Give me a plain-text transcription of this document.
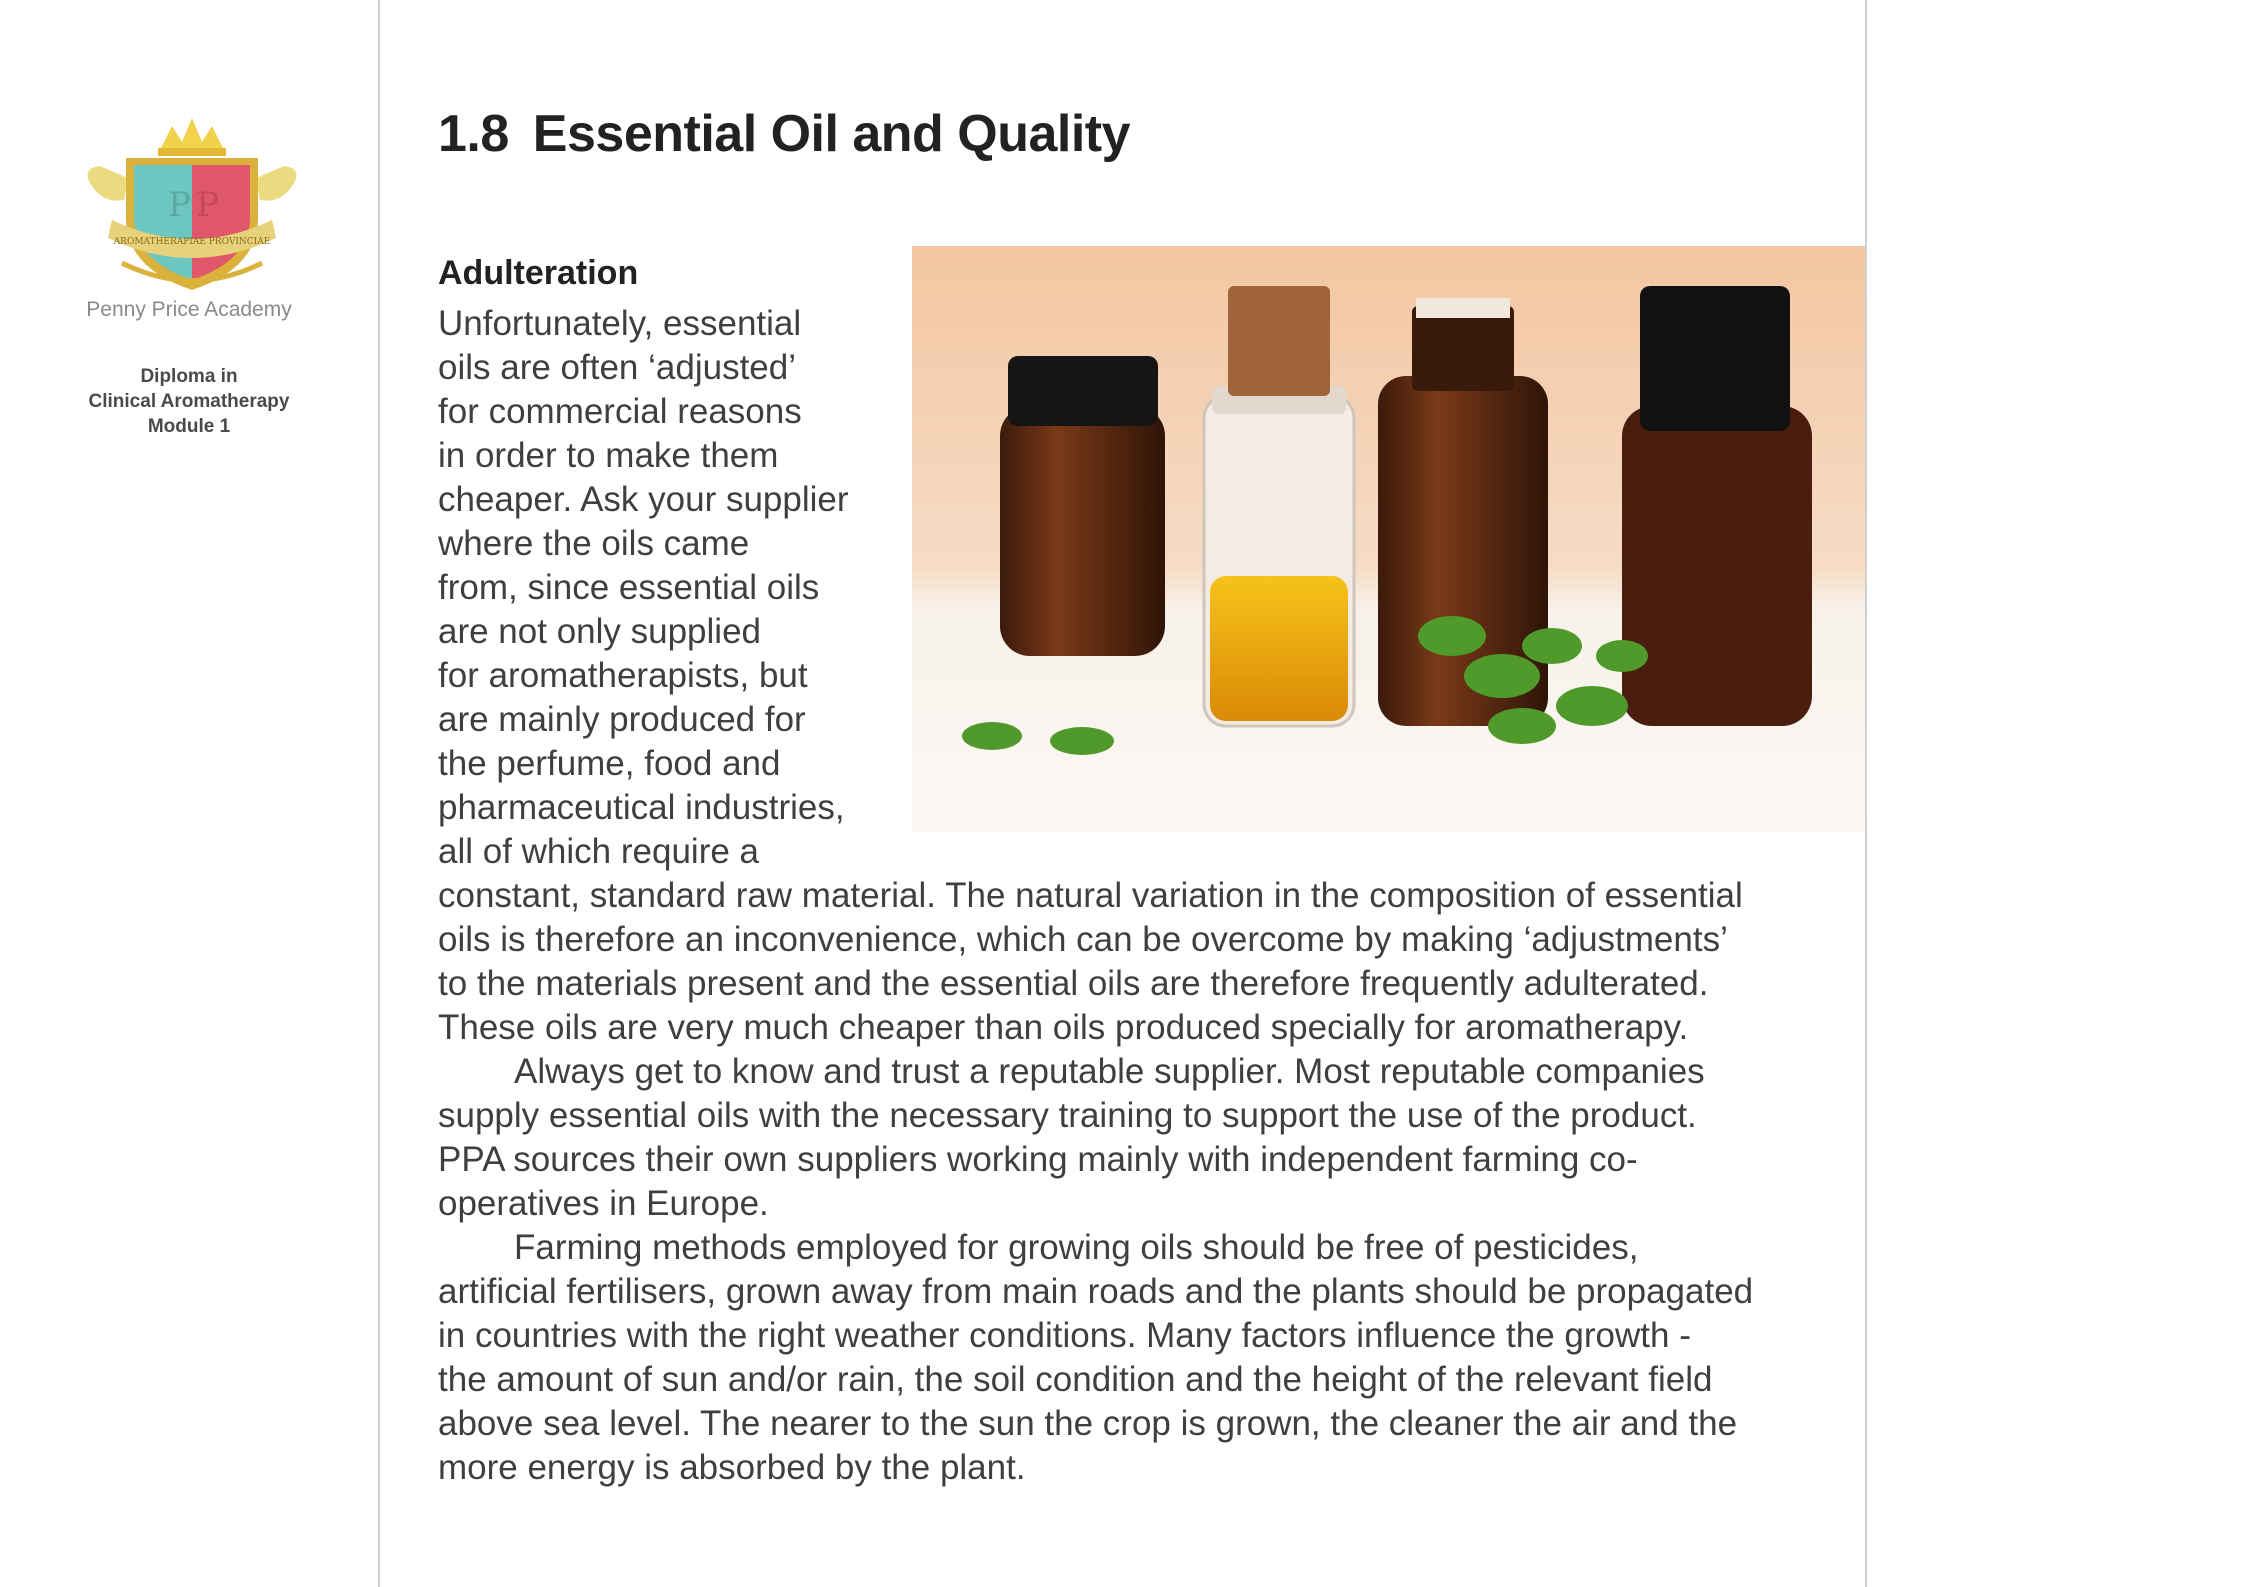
P P
AROMATHERAPIAE PROVINCIAE
Penny Price Academy
Diploma in
Clinical Aromatherapy
Module 1
1.8 Essential Oil and Quality
Adulteration
Unfortunately, essential
oils are often ‘adjusted’
for commercial reasons
in order to make them
cheaper. Ask your supplier
where the oils came
from, since essential oils
are not only supplied
for aromatherapists, but
are mainly produced for
the perfume, food and
pharmaceutical industries,
all of which require a
constant, standard raw material. The natural variation in the composition of essential
oils is therefore an inconvenience, which can be overcome by making ‘adjustments’
to the materials present and the essential oils are therefore frequently adulterated.
These oils are very much cheaper than oils produced specially for aromatherapy.
Always get to know and trust a reputable supplier. Most reputable companies
supply essential oils with the necessary training to support the use of the product.
PPA sources their own suppliers working mainly with independent farming co-
operatives in Europe.
Farming methods employed for growing oils should be free of pesticides,
artificial fertilisers, grown away from main roads and the plants should be propagated
in countries with the right weather conditions. Many factors influence the growth -
the amount of sun and/or rain, the soil condition and the height of the relevant field
above sea level. The nearer to the sun the crop is grown, the cleaner the air and the
more energy is absorbed by the plant.
